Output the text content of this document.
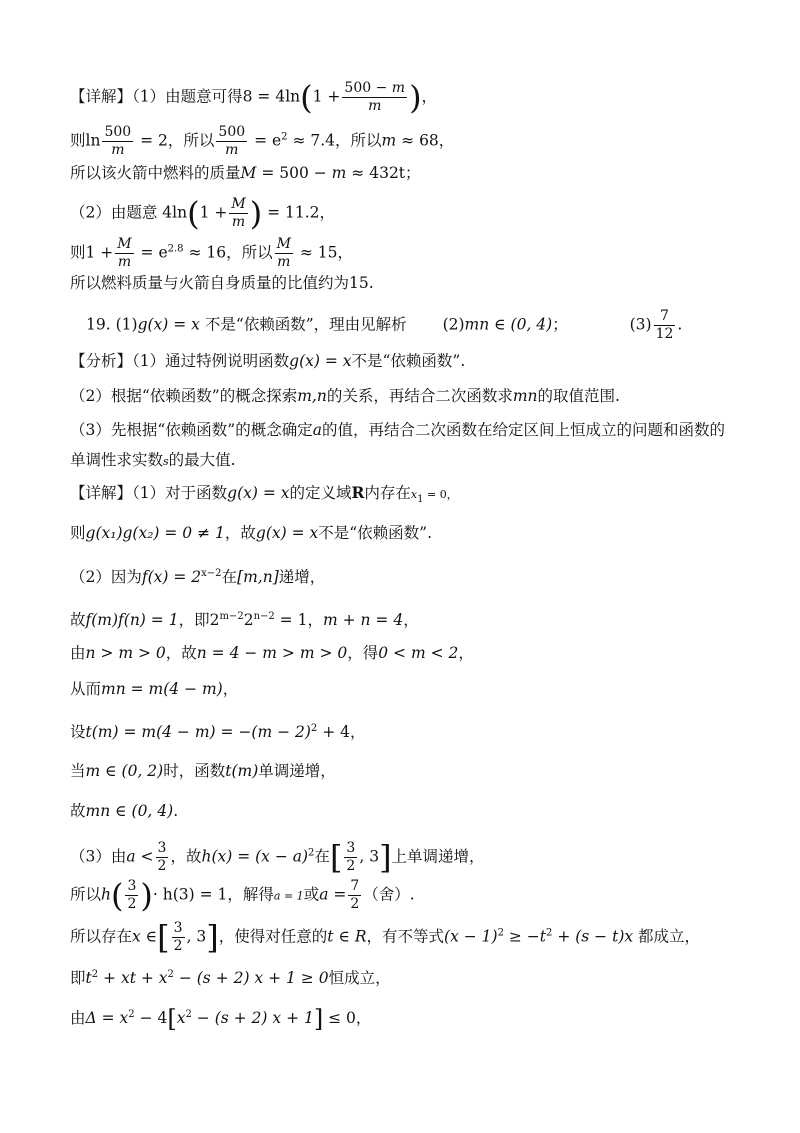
【详解】（1）由题意可得$8 = 4\ln(1 + \frac{500 - m}{m}$ )，
则$\ln \frac{500}{m} = 2$，所以 $\frac{500}{m} = e^2 \approx 7.4$，所以m ≈ 68，
所以该火箭中燃料的质量M = 500 − m ≈ 432t；
（2）由题意 $4\ln(1 + \frac{M}{m}$ ) = 11.2，
则$1 + \frac{M}{m} = e^{2.8} \approx 16$，所以 $\frac{M}{m} \approx 15$，
所以燃料质量与火箭自身质量的比值约为15.
19. (1)g(x) = x 不是“依赖函数”，理由见解析 (2)mn ∈ (0, 4)；	$(3) \frac{7}{12}$ .
【分析】（1）通过特例说明函数g(x) = x不是“依赖函数”.
（2）根据“依赖函数”的概念探索m,n的关系，再结合二次函数求mn的取值范围.
（3）先根据“依赖函数”的概念确定a的值，再结合二次函数在给定区间上恒成立的问题和函数的单调性求实数s的最大值.
【详解】（1）对于函数g(x) = x的定义域R内存在$x_1 = 0$，
则g(x₁)g(x₂) = 0 ≠ 1，故g(x) = x不是“依赖函数”.
（2）因为$f(x) = 2^{x-2}$在[m,n]递增，
故f(m)f(n) = 1，即$2^{m-2}2^{n-2} = 1$，m + n = 4，
由n > m > 0，故n = 4 − m > m > 0，得0 < m < 2，
从而mn = m(4 − m)，
设$t(m) = m(4 - m) = -(m - 2)^2 + 4$，
当m ∈ (0, 2)时，函数t(m)单调递增，
故mn ∈ (0, 4).
（3）由$a < \frac{3}{2}$ ，故$h(x) = (x - a)^2$在[ $\frac{3}{2}$ , 3]上单调递增，
所以$h( \frac{3}{2}$ )· h(3) = 1，解得a = 1或$a = \frac{7}{2}$ （舍）.
所以存在x ∈[ $\frac{3}{2}$ , 3]，使得对任意的t ∈ R，有不等式$(x - 1)^2 \ge -t^2 + (s - t)x$ 都成立，
即$t^2$ + xt + $x^2 - (s + 2) x + 1 \ge 0$恒成立，
由$\Delta = x^2 - 4[x^2 - (s + 2) x + 1] \le 0$，
